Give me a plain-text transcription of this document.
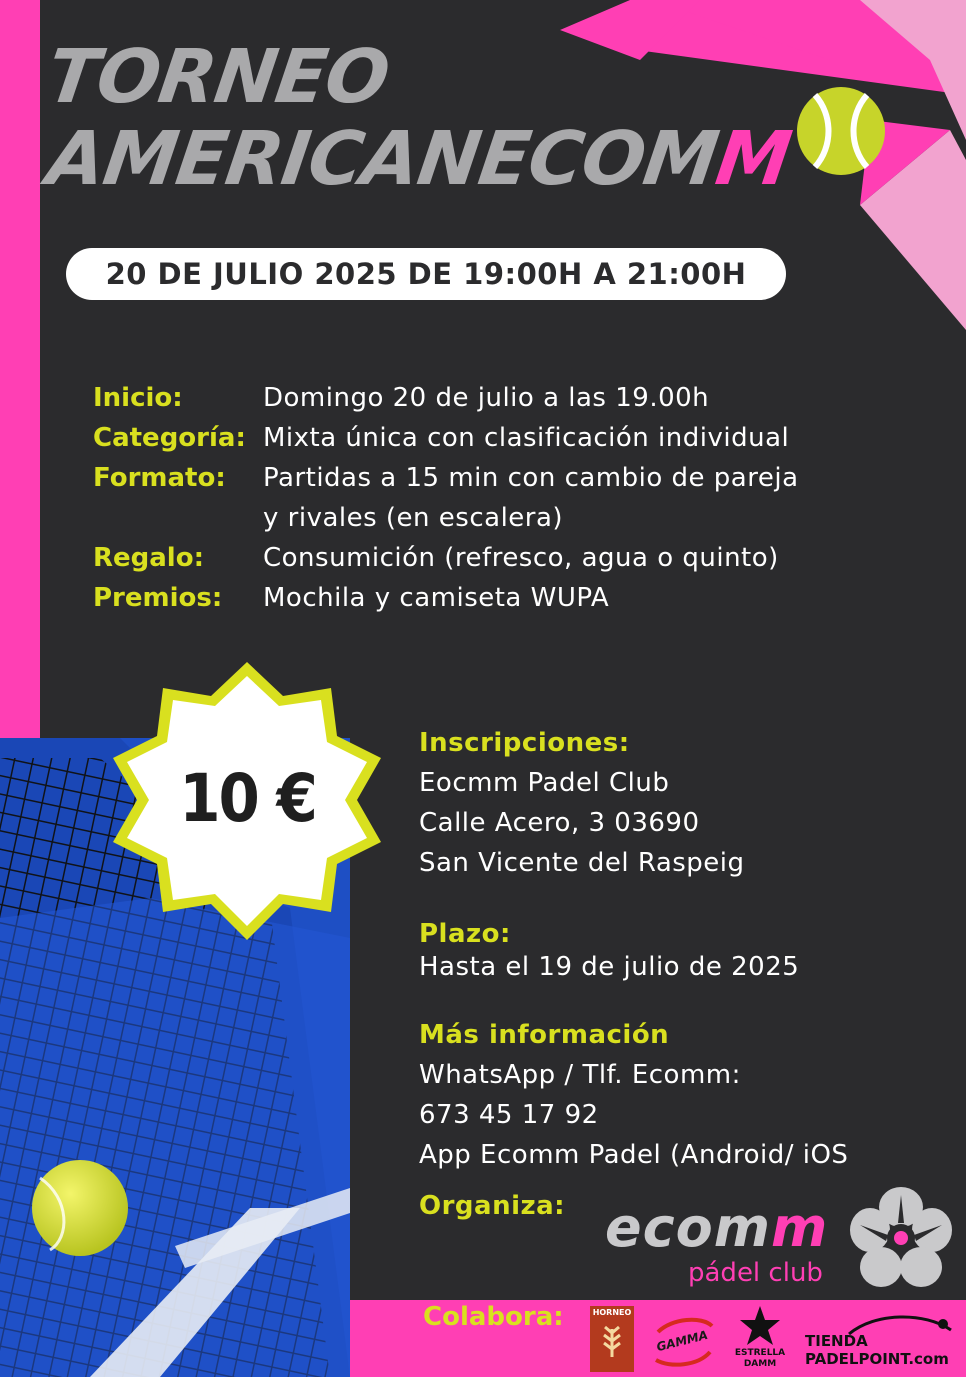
TORNEO
AMERICANECOMM
20 DE JULIO 2025 DE 19:00H A 21:00H
Inicio:	Domingo 20 de julio a las 19.00h
Categoría: Mixta única con clasificación individual
Formato:	Partidas a 15 min con cambio de pareja
y rivales (en escalera)
Regalo:	Consumición (refresco, agua o quinto)
Premios:	Mochila y camiseta WUPA
10 €
Inscripciones:
Eocmm Padel Club
Calle Acero, 3 03690
San Vicente del Raspeig
Plazo:
Hasta el 19 de julio de 2025
Más información
WhatsApp / Tlf. Ecomm:
673 45 17 92
App Ecomm Padel (Android/ iOS
Organiza: ecomm
pádel club
Colabora:	HORNEO
GAMMA	ESTRELLA DAMM
TIENDA PADELPOINT.com
